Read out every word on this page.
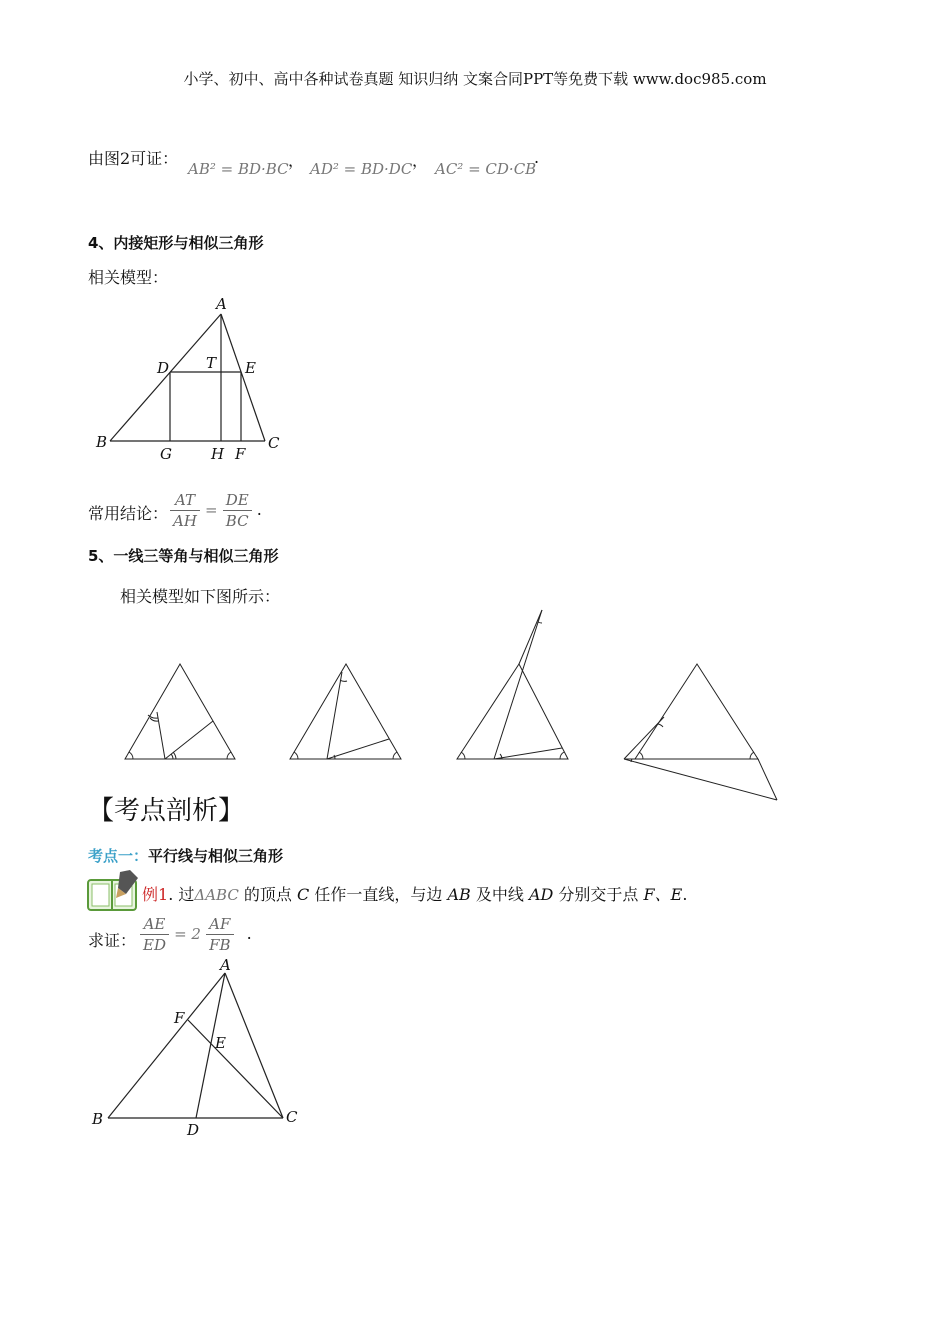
小学、初中、高中各种试卷真题 知识归纳 文案合同PPT等免费下载 www.doc985.com
由图2可证：
AB² = BD·BC ， AD² = BD·DC ， AC² = CD·CB
.
4、内接矩形与相似三角形
相关模型：
A
D T E
B
G	H F
C
常用结论： $\frac{AT}{AH} = \frac{DE}{BC}$ .
5、一线三等角与相似三角形
相关模型如下图所示：
【考点剖析】
考点一：平行线与相似三角形
例1. 过ΔABC 的顶点 C 任作一直线，与边 AB 及中线 AD 分别交于点 F、E.
求证： $\frac{AE}{ED} = 2 \frac{AF}{FB}$ .
A
F
E
B
D
C
